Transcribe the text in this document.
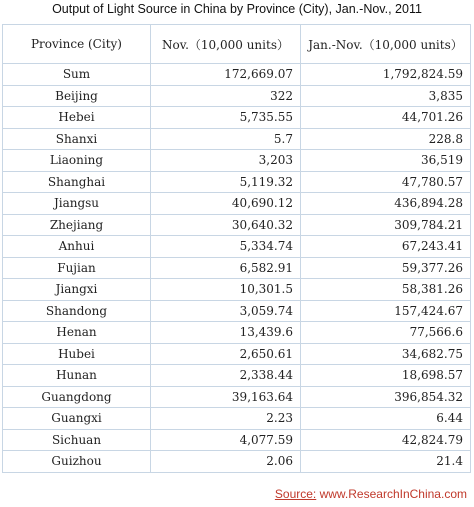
Output of Light Source in China by Province (City), Jan.-Nov., 2011
Province (City)	Nov.（10,000 units）	Jan.-Nov.（10,000 units）
Sum	172,669.07	1,792,824.59
Beijing	322	3,835
Hebei	5,735.55	44,701.26
Shanxi	5.7	228.8
Liaoning	3,203	36,519
Shanghai	5,119.32	47,780.57
Jiangsu	40,690.12	436,894.28
Zhejiang	30,640.32	309,784.21
Anhui	5,334.74	67,243.41
Fujian	6,582.91	59,377.26
Jiangxi	10,301.5	58,381.26
Shandong	3,059.74	157,424.67
Henan	13,439.6	77,566.6
Hubei	2,650.61	34,682.75
Hunan	2,338.44	18,698.57
Guangdong	39,163.64	396,854.32
Guangxi	2.23	6.44
Sichuan	4,077.59	42,824.79
Guizhou	2.06	21.4
Source: www.ResearchInChina.com
